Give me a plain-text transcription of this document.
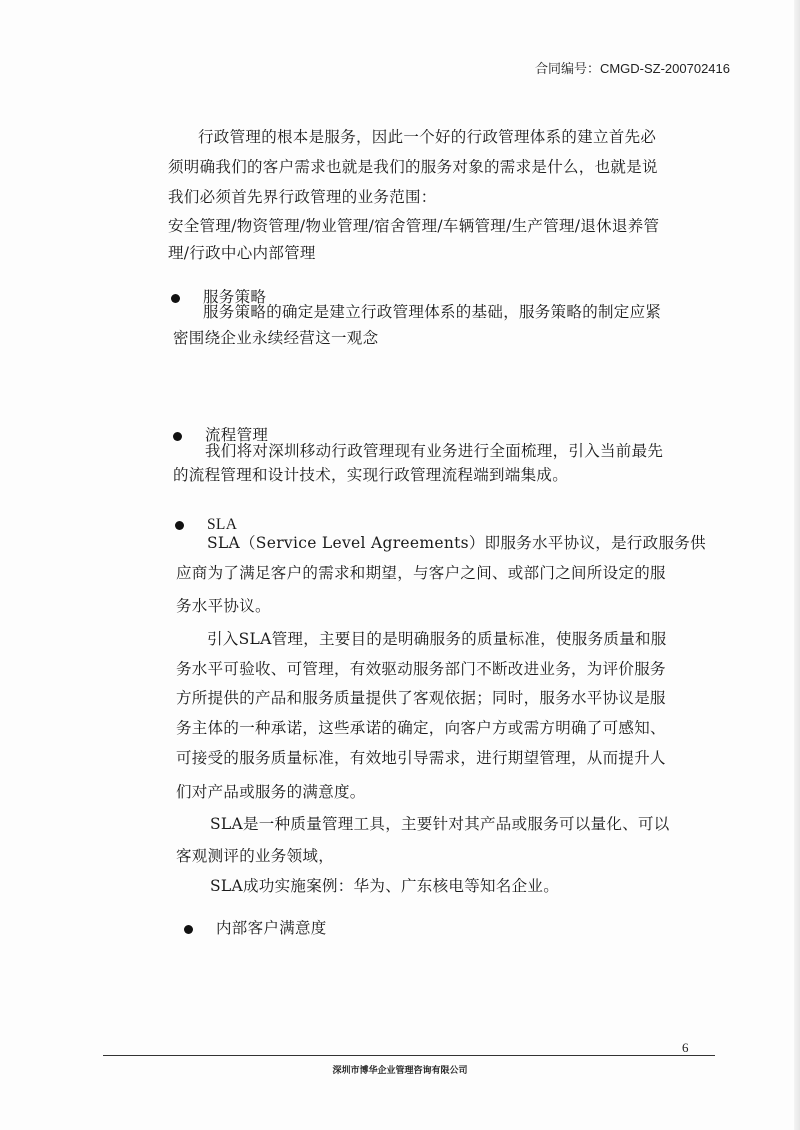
合同编号：CMGD-SZ-200702416
行政管理的根本是服务，因此一个好的行政管理体系的建立首先必
须明确我们的客户需求也就是我们的服务对象的需求是什么，也就是说
我们必须首先界行政管理的业务范围：
安全管理/物资管理/物业管理/宿舍管理/车辆管理/生产管理/退休退养管
理/行政中心内部管理
服务策略
服务策略的确定是建立行政管理体系的基础，服务策略的制定应紧
密围绕企业永续经营这一观念
流程管理
我们将对深圳移动行政管理现有业务进行全面梳理，引入当前最先
的流程管理和设计技术，实现行政管理流程端到端集成。
SLA
SLA（Service Level Agreements）即服务水平协议，是行政服务供
应商为了满足客户的需求和期望，与客户之间、或部门之间所设定的服
务水平协议。
引入SLA管理，主要目的是明确服务的质量标准，使服务质量和服
务水平可验收、可管理，有效驱动服务部门不断改进业务，为评价服务
方所提供的产品和服务质量提供了客观依据；同时，服务水平协议是服
务主体的一种承诺，这些承诺的确定，向客户方或需方明确了可感知、
可接受的服务质量标准，有效地引导需求，进行期望管理，从而提升人
们对产品或服务的满意度。
SLA是一种质量管理工具，主要针对其产品或服务可以量化、可以
客观测评的业务领域，
SLA成功实施案例：华为、广东核电等知名企业。
内部客户满意度
6
深圳市博华企业管理咨询有限公司
